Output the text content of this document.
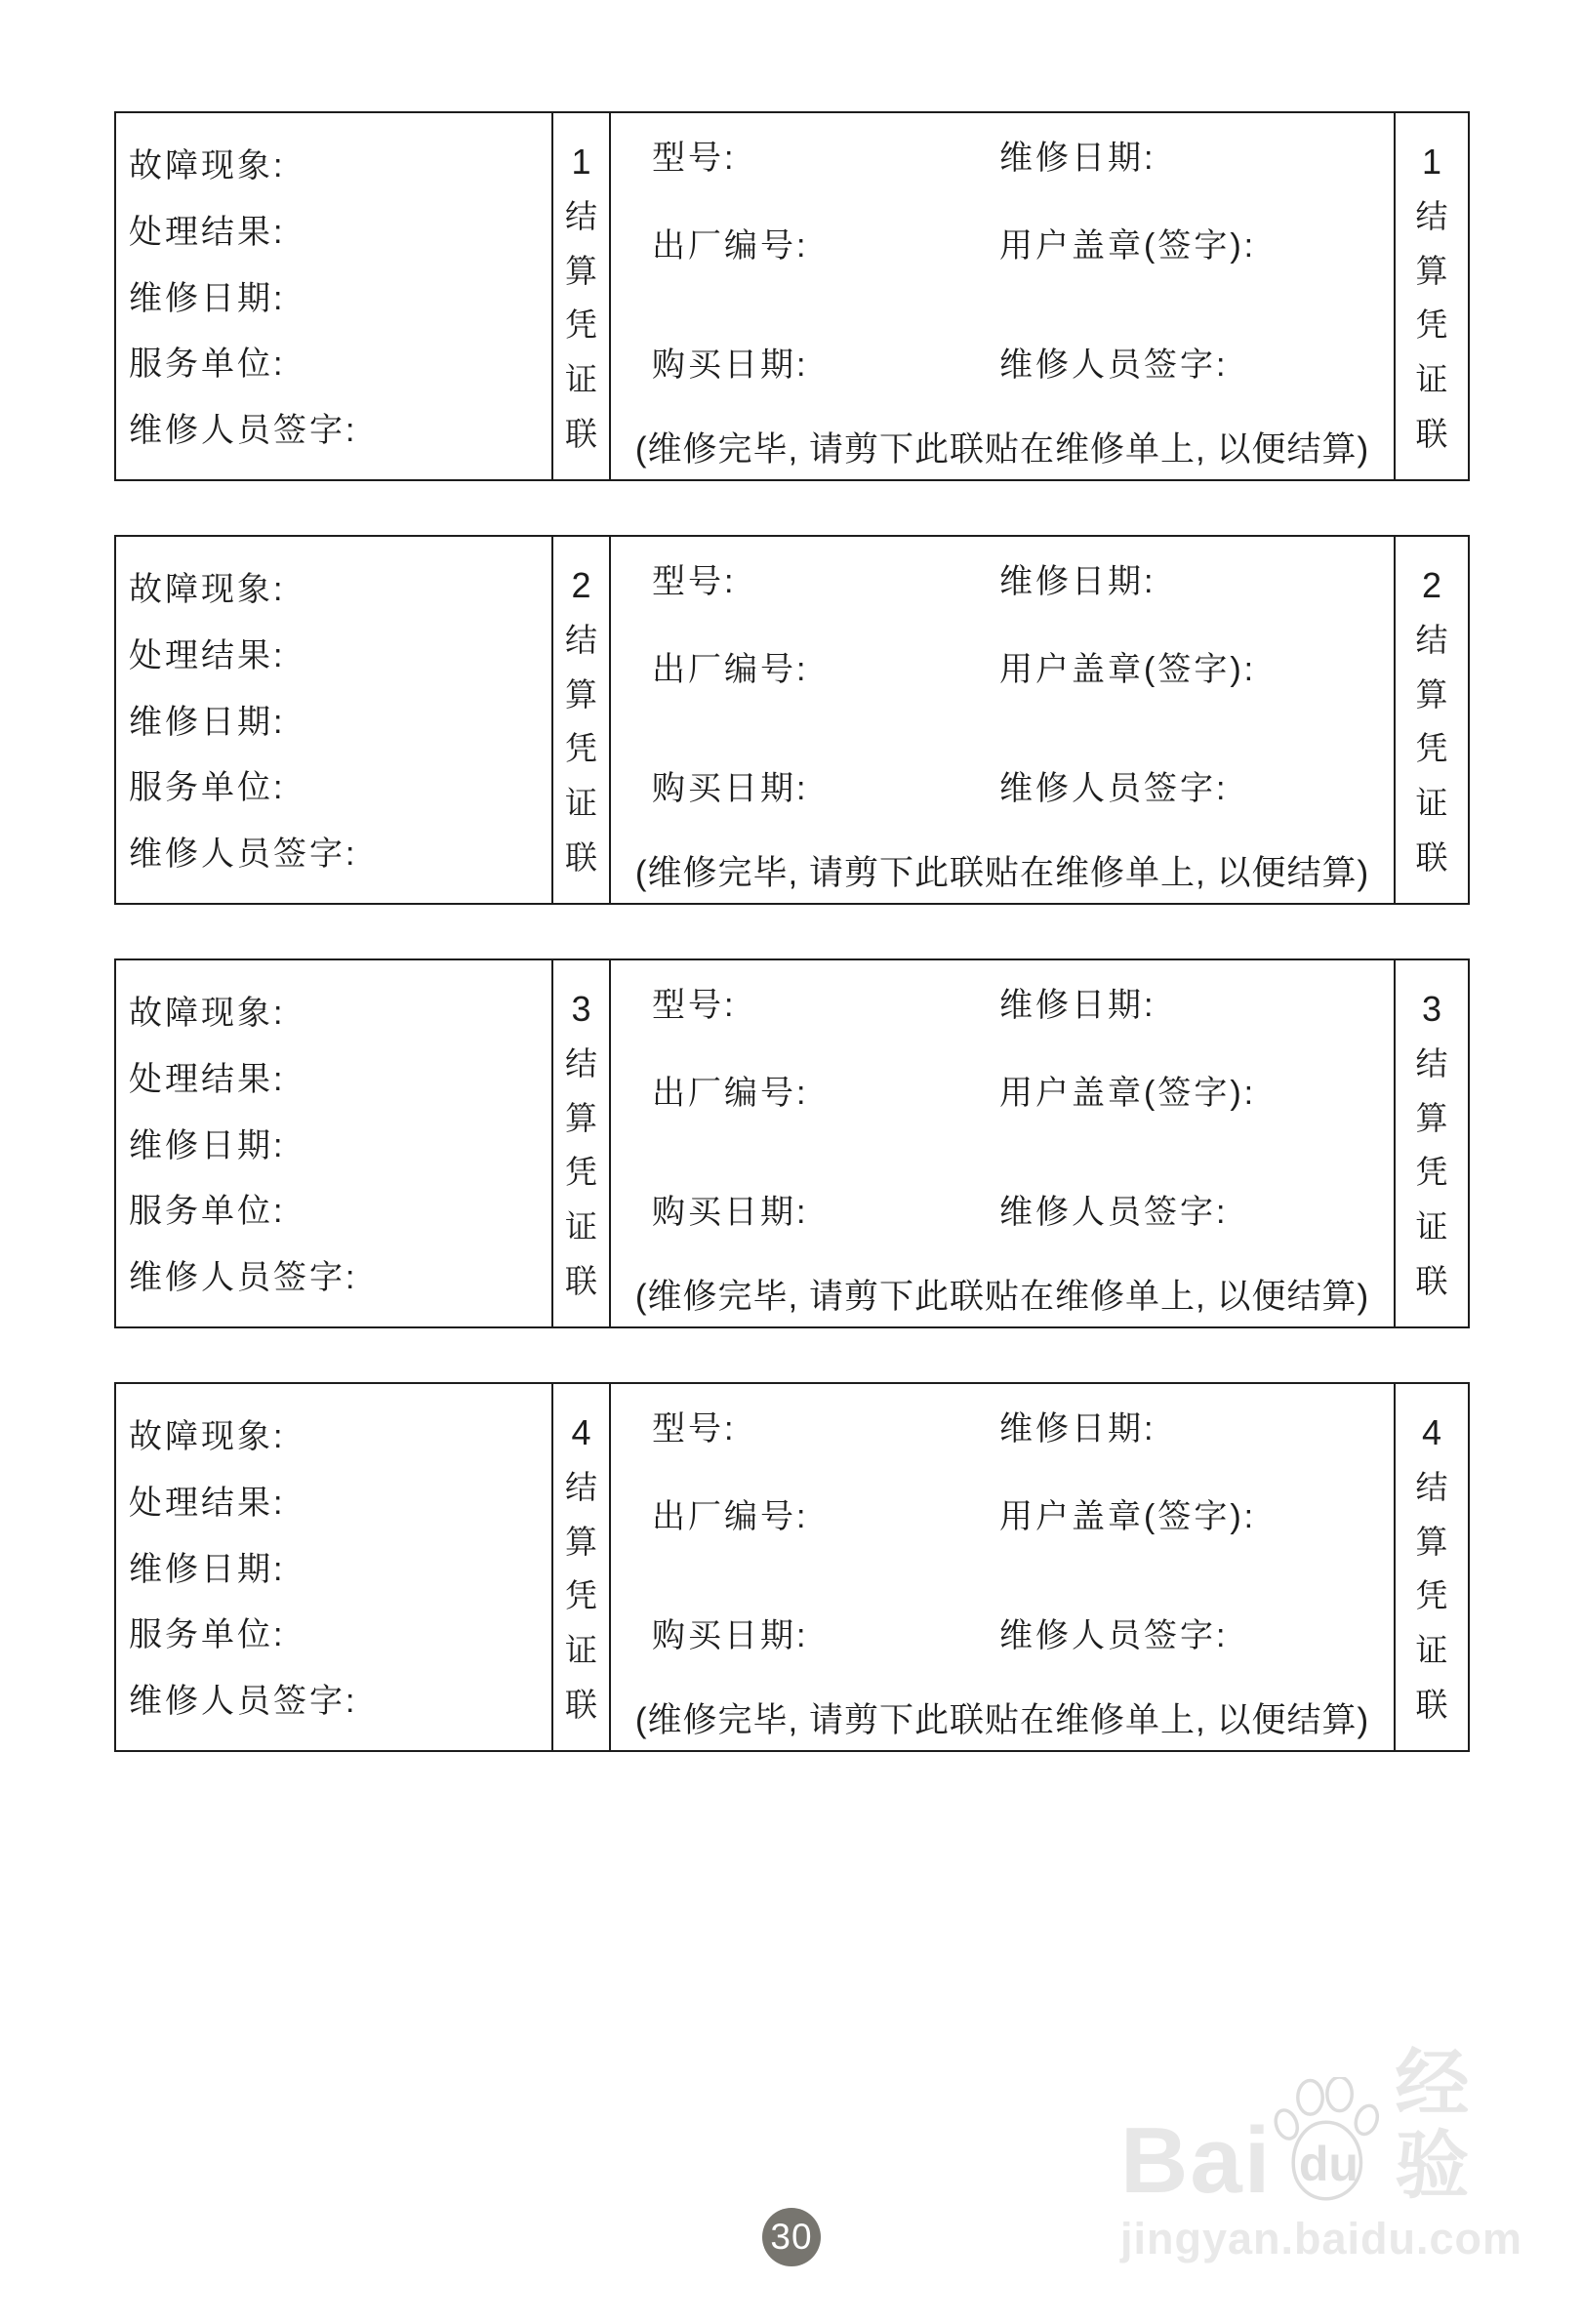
故障现象:
处理结果:
维修日期:
服务单位:
维修人员签字:
1
结
算
凭
证
联
型号:	维修日期:
出厂编号:	用户盖章(签字):
购买日期:	维修人员签字:
(维修完毕, 请剪下此联贴在维修单上, 以便结算)
1
结
算
凭
证
联
故障现象:
处理结果:
维修日期:
服务单位:
维修人员签字:
2
结
算
凭
证
联
型号:	维修日期:
出厂编号:	用户盖章(签字):
购买日期:	维修人员签字:
(维修完毕, 请剪下此联贴在维修单上, 以便结算)
2
结
算
凭
证
联
故障现象:
处理结果:
维修日期:
服务单位:
维修人员签字:
3
结
算
凭
证
联
型号:	维修日期:
出厂编号:	用户盖章(签字):
购买日期:	维修人员签字:
(维修完毕, 请剪下此联贴在维修单上, 以便结算)
3
结
算
凭
证
联
故障现象:
处理结果:
维修日期:
服务单位:
维修人员签字:
4
结
算
凭
证
联
型号:	维修日期:
出厂编号:	用户盖章(签字):
购买日期:	维修人员签字:
(维修完毕, 请剪下此联贴在维修单上, 以便结算)
4
结
算
凭
证
联
Bai du
经验
jingyan.baidu.com
30
